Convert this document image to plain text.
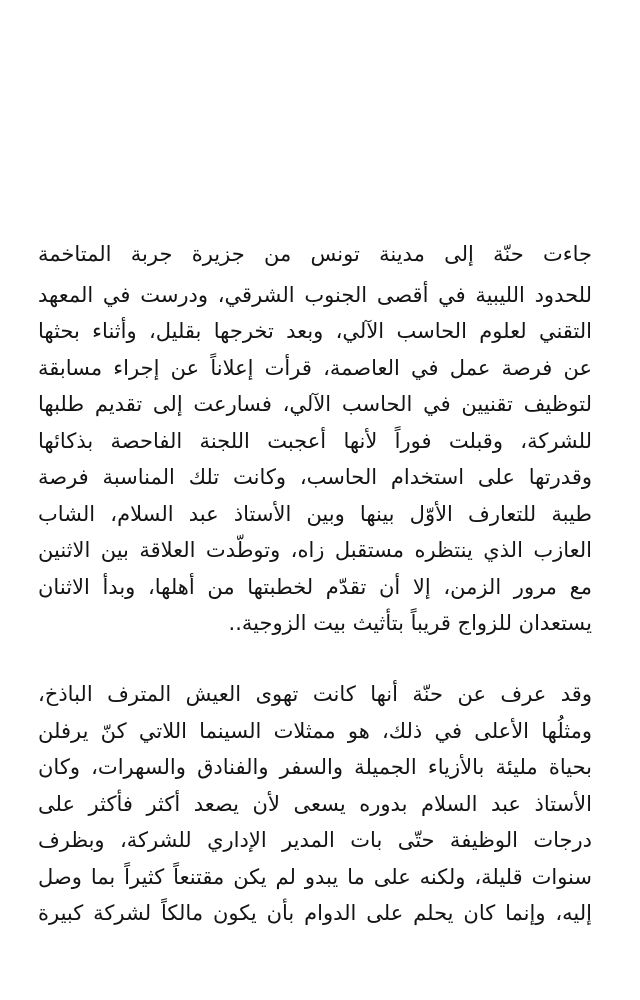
جاءت حنّة إلى مدينة تونس من جزيرة جربة المتاخمة
للحدود الليبية في أقصى الجنوب الشرقي، ودرست في المعهد
التقني لعلوم الحاسب الآلي، وبعد تخرجها بقليل، وأثناء بحثها
عن فرصة عمل في العاصمة، قرأت إعلاناً عن إجراء مسابقة
لتوظيف تقنيين في الحاسب الآلي، فسارعت إلى تقديم طلبها
للشركة، وقبلت فوراً لأنها أعجبت اللجنة الفاحصة بذكائها
وقدرتها على استخدام الحاسب، وكانت تلك المناسبة فرصة
طيبة للتعارف الأوّل بينها وبين الأستاذ عبد السلام، الشاب
العازب الذي ينتظره مستقبل زاه، وتوطّدت العلاقة بين الاثنين
مع مرور الزمن، إلا أن تقدّم لخطبتها من أهلها، وبدأ الاثنان
يستعدان للزواج قريباً بتأثيث بيت الزوجية..
وقد عرف عن حنّة أنها كانت تهوى العيش المترف الباذخ،
ومثلُها الأعلى في ذلك، هو ممثلات السينما اللاتي كنّ يرفلن
بحياة مليئة بالأزياء الجميلة والسفر والفنادق والسهرات، وكان
الأستاذ عبد السلام بدوره يسعى لأن يصعد أكثر فأكثر على
درجات الوظيفة حتّى بات المدير الإداري للشركة، وبظرف
سنوات قليلة، ولكنه على ما يبدو لم يكن مقتنعاً كثيراً بما وصل
إليه، وإنما كان يحلم على الدوام بأن يكون مالكاً لشركة كبيرة
